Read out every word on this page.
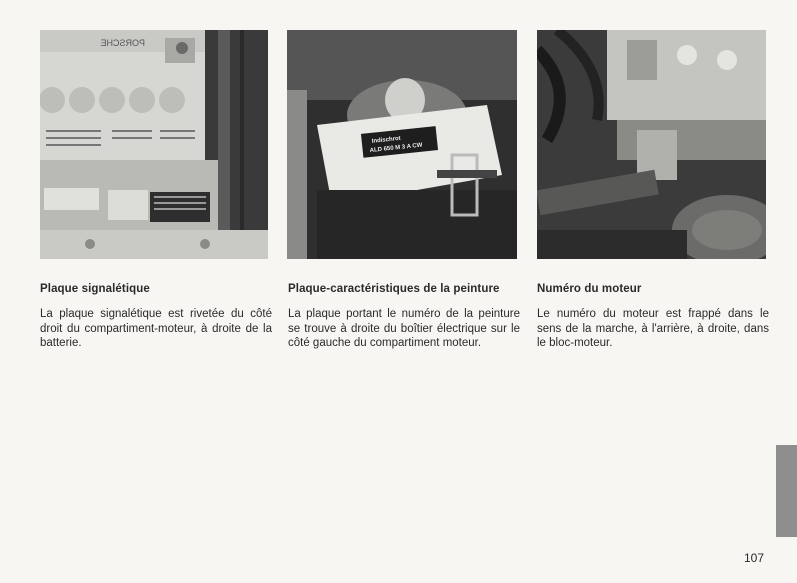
PORSCHE
Indischrot
ALD 650 M 3 A CW
Plaque signalétique

La plaque signalétique est rivetée du côté droit du compartiment-moteur, à droite de la batterie.

Plaque-caractéristiques de la peinture

La plaque portant le numéro de la peinture se trouve à droite du boîtier électrique sur le côté gauche du compartiment moteur.

Numéro du moteur

Le numéro du moteur est frappé dans le sens de la marche, à l'arrière, à droite, dans le bloc-moteur.

107
